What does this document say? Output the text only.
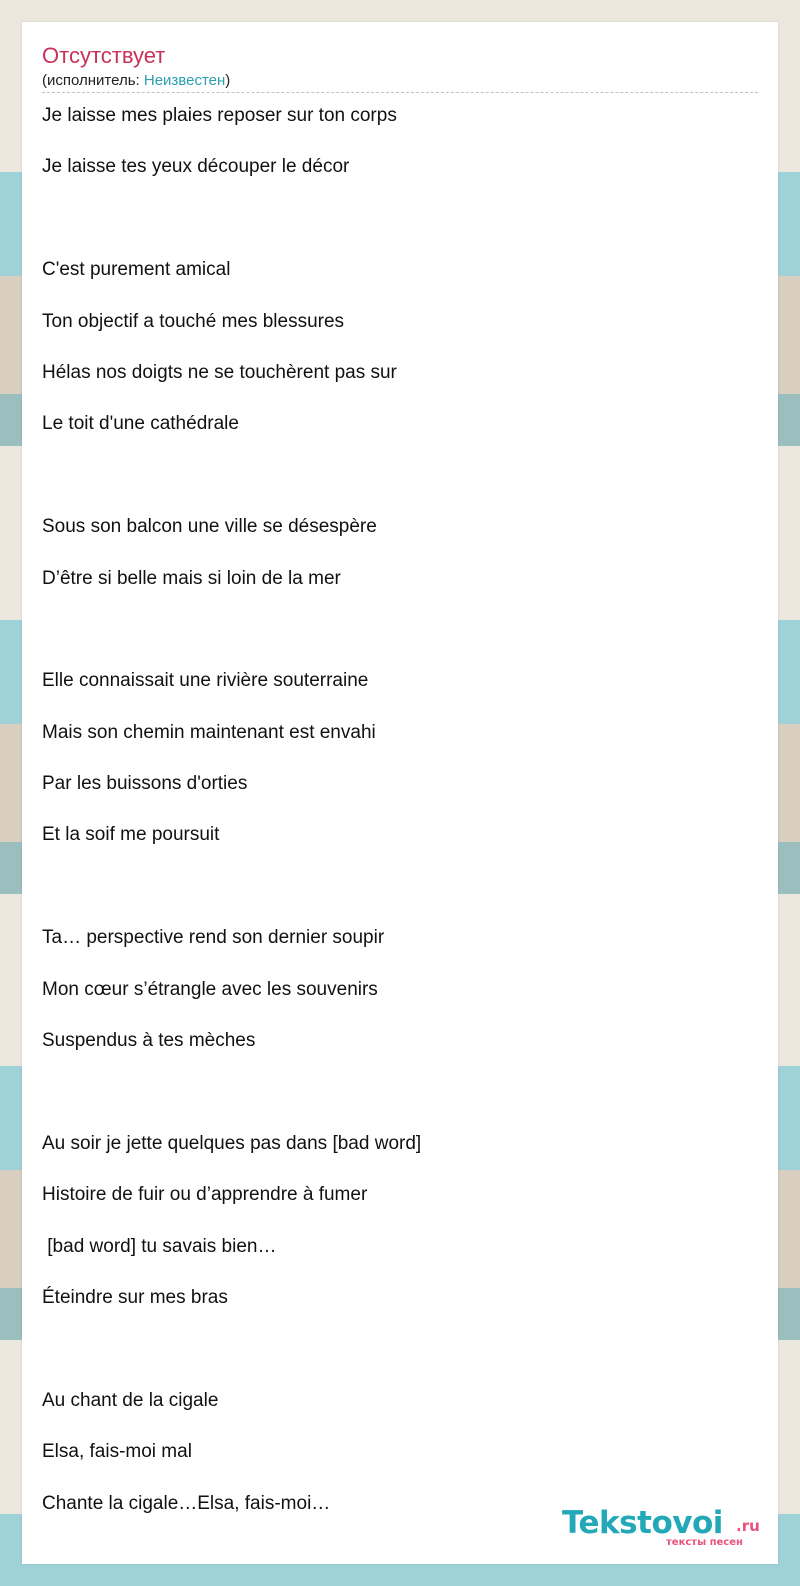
Отсутствует
(исполнитель: Неизвестен)
Je laisse mes plaies reposer sur ton corps
Je laisse tes yeux découper le décor
C'est purement amical
Ton objectif a touché mes blessures
Hélas nos doigts ne se touchèrent pas sur
Le toit d'une cathédrale
Sous son balcon une ville se désespère
D’être si belle mais si loin de la mer
Elle connaissait une rivière souterraine
Mais son chemin maintenant est envahi
Par les buissons d'orties
Et la soif me poursuit
Ta… perspective rend son dernier soupir
Mon cœur s’étrangle avec les souvenirs
Suspendus à tes mèches
Au soir je jette quelques pas dans [bad word]
Histoire de fuir ou d’apprendre à fumer
[bad word] tu savais bien…
Éteindre sur mes bras
Au chant de la cigale
Elsa, fais-moi mal
Chante la cigale…Elsa, fais-moi…
Tekstovoi .ru
тексты песен
